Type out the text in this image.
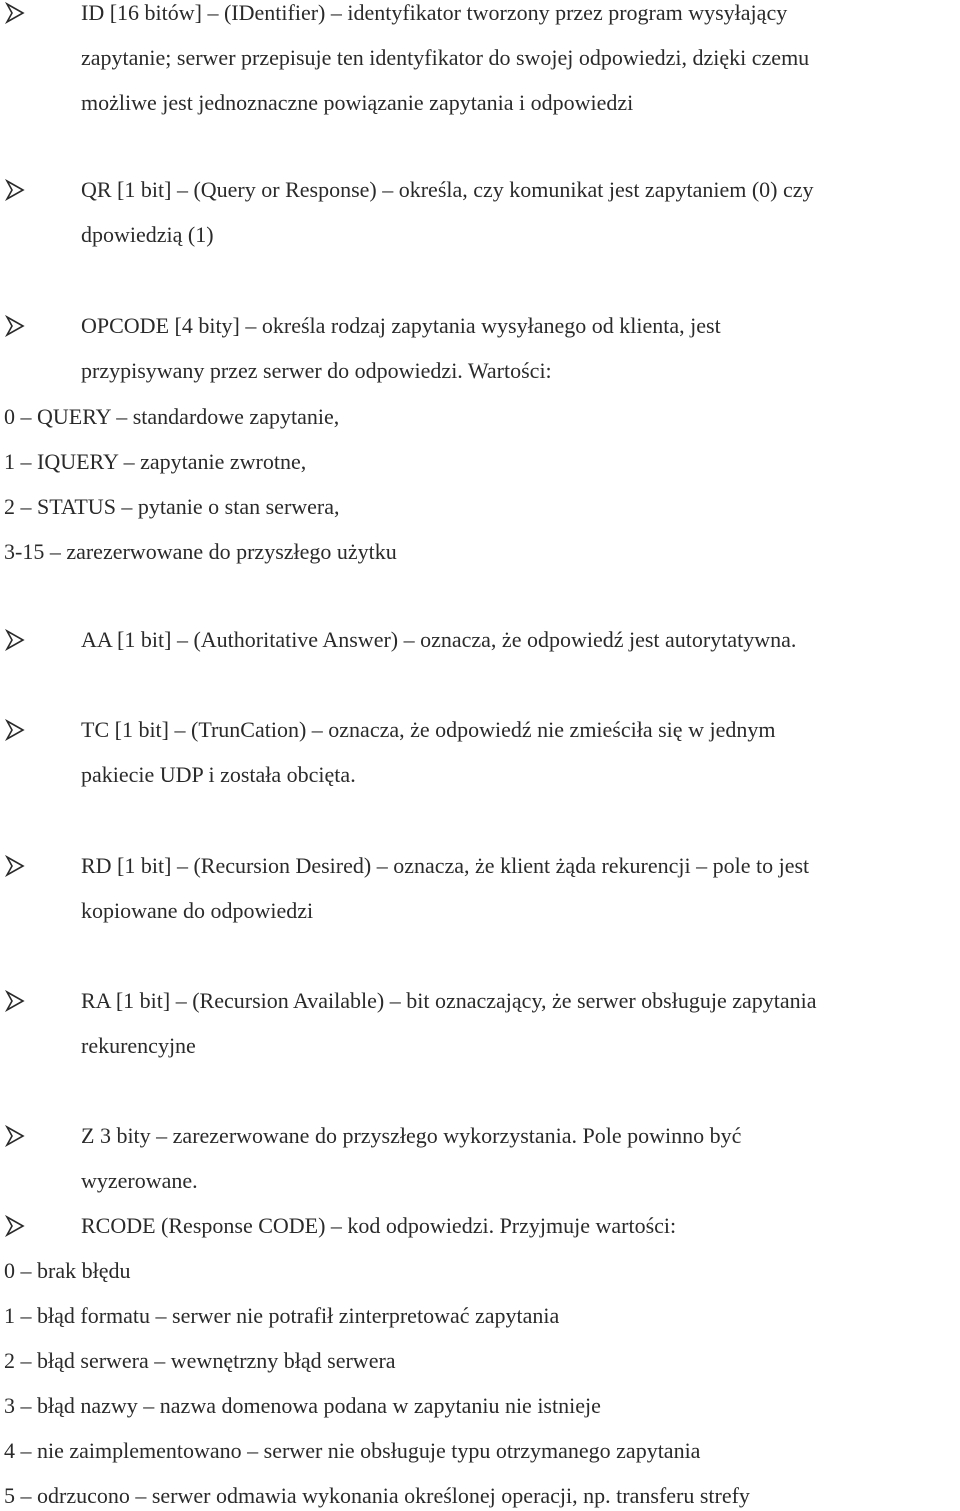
ID [16 bitów] – (IDentifier) – identyfikator tworzony przez program wysyłający
zapytanie; serwer przepisuje ten identyfikator do swojej odpowiedzi, dzięki czemu
możliwe jest jednoznaczne powiązanie zapytania i odpowiedzi
QR [1 bit] – (Query or Response) – określa, czy komunikat jest zapytaniem (0) czy
dpowiedzią (1)
OPCODE [4 bity] – określa rodzaj zapytania wysyłanego od klienta, jest
przypisywany przez serwer do odpowiedzi. Wartości:
AA [1 bit] – (Authoritative Answer) – oznacza, że odpowiedź jest autorytatywna.
TC [1 bit] – (TrunCation) – oznacza, że odpowiedź nie zmieściła się w jednym
pakiecie UDP i została obcięta.
RD [1 bit] – (Recursion Desired) – oznacza, że klient żąda rekurencji – pole to jest
kopiowane do odpowiedzi
RA [1 bit] – (Recursion Available) – bit oznaczający, że serwer obsługuje zapytania
rekurencyjne
Z 3 bity – zarezerwowane do przyszłego wykorzystania. Pole powinno być
wyzerowane.
RCODE (Response CODE) – kod odpowiedzi. Przyjmuje wartości:
0 – QUERY – standardowe zapytanie,
1 – IQUERY – zapytanie zwrotne,
2 – STATUS – pytanie o stan serwera,
3-15 – zarezerwowane do przyszłego użytku
0 – brak błędu
1 – błąd formatu – serwer nie potrafił zinterpretować zapytania
2 – błąd serwera – wewnętrzny błąd serwera
3 – błąd nazwy – nazwa domenowa podana w zapytaniu nie istnieje
4 – nie zaimplementowano – serwer nie obsługuje typu otrzymanego zapytania
5 – odrzucono – serwer odmawia wykonania określonej operacji, np. transferu strefy
